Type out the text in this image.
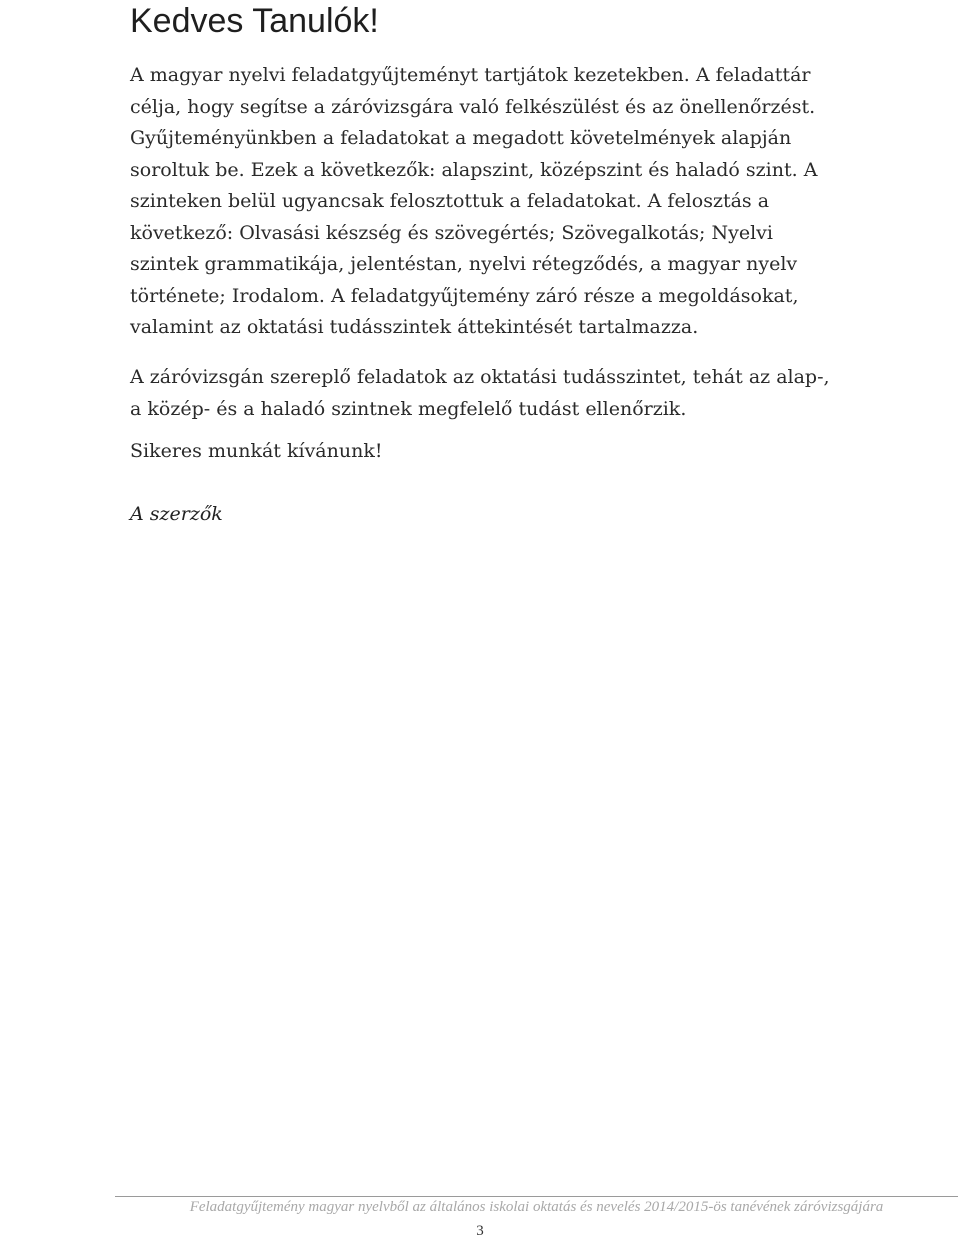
Kedves Tanulók!

A magyar nyelvi feladatgyűjteményt tartjátok kezetekben. A feladattár célja, hogy segítse a záróvizsgára való felkészülést és az önellenőrzést. Gyűjteményünkben a feladatokat a megadott követelmények alapján soroltuk be. Ezek a következők: alapszint, középszint és haladó szint. A szinteken belül ugyancsak felosztottuk a feladatokat. A felosztás a következő: Olvasási készség és szövegértés; Szövegalkotás; Nyelvi szintek grammatikája, jelentéstan, nyelvi rétegződés, a magyar nyelv története; Irodalom. A feladatgyűjtemény záró része a megoldásokat, valamint az oktatási tudásszintek áttekintését tartalmazza.

A záróvizsgán szereplő feladatok az oktatási tudásszintet, tehát az alap-, a közép- és a haladó szintnek megfelelő tudást ellenőrzik.

Sikeres munkát kívánunk!

A szerzők

Feladatgyűjtemény magyar nyelvből az általános iskolai oktatás és nevelés 2014/2015-ös tanévének záróvizsgájára
3
